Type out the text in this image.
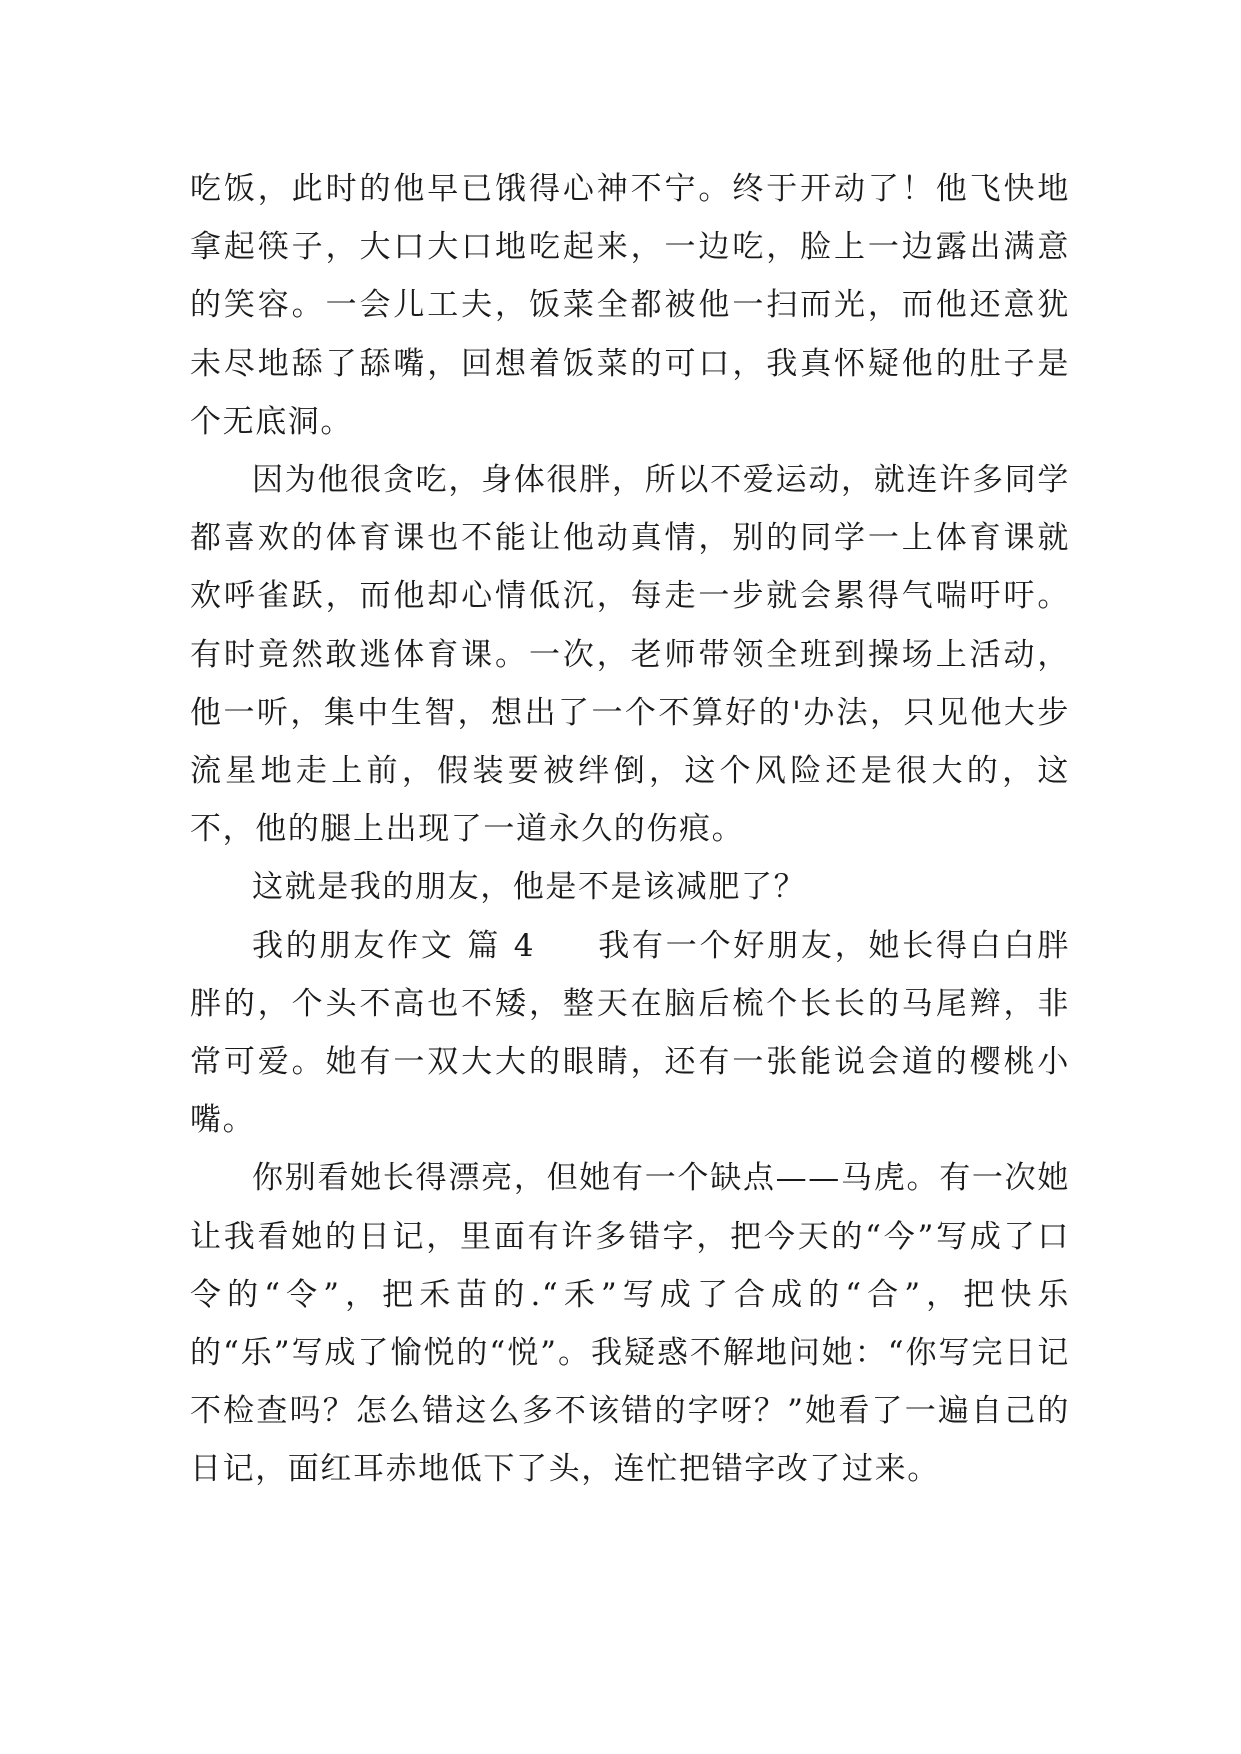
吃饭，此时的他早已饿得心神不宁。终于开动了！他飞快地拿起筷子，大口大口地吃起来，一边吃，脸上一边露出满意的笑容。一会儿工夫，饭菜全都被他一扫而光，而他还意犹未尽地舔了舔嘴，回想着饭菜的可口，我真怀疑他的肚子是个无底洞。

因为他很贪吃，身体很胖，所以不爱运动，就连许多同学都喜欢的体育课也不能让他动真情，别的同学一上体育课就欢呼雀跃，而他却心情低沉，每走一步就会累得气喘吁吁。有时竟然敢逃体育课。一次，老师带领全班到操场上活动，他一听，集中生智，想出了一个不算好的'办法，只见他大步流星地走上前，假装要被绊倒，这个风险还是很大的，这不，他的腿上出现了一道永久的伤痕。

这就是我的朋友，他是不是该减肥了？

我的朋友作文 篇 4 我有一个好朋友，她长得白白胖胖的，个头不高也不矮，整天在脑后梳个长长的马尾辫，非常可爱。她有一双大大的眼睛，还有一张能说会道的樱桃小嘴。

你别看她长得漂亮，但她有一个缺点——马虎。有一次她让我看她的日记，里面有许多错字，把今天的“今”写成了口令的“令”，把禾苗的.“禾”写成了合成的“合”，把快乐的“乐”写成了愉悦的“悦”。我疑惑不解地问她：“你写完日记不检查吗？怎么错这么多不该错的字呀？”她看了一遍自己的日记，面红耳赤地低下了头，连忙把错字改了过来。
